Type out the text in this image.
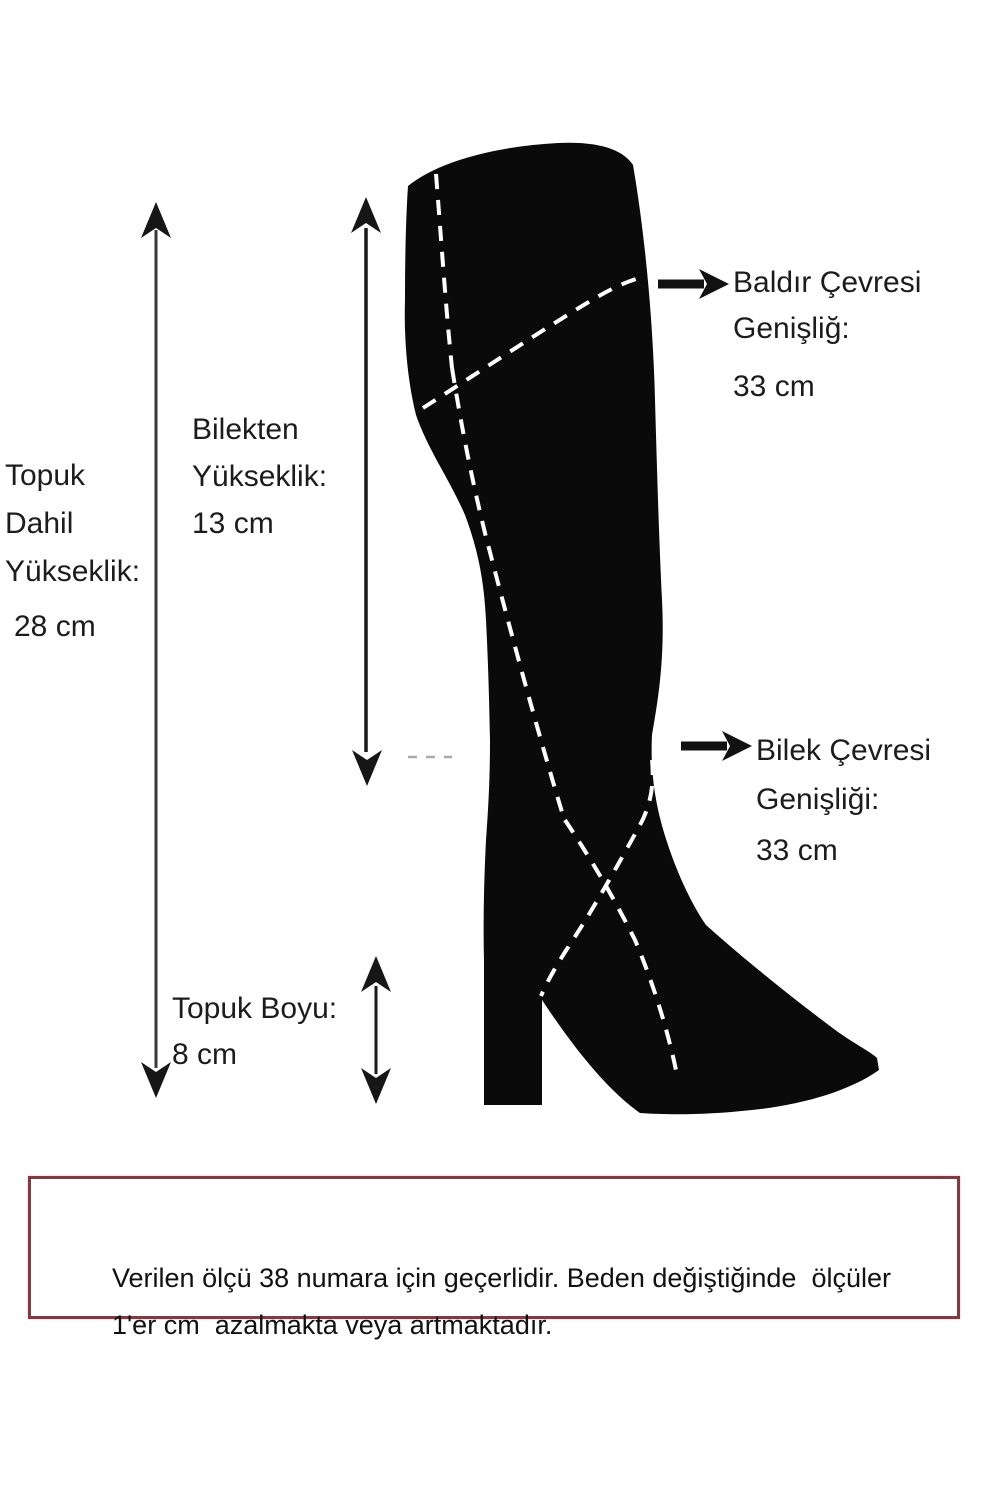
Topuk
Dahil
Yükseklik:
28 cm
Bilekten
Yükseklik:
13 cm
Baldır Çevresi
Genişliğ:
33 cm
Bilek Çevresi
Genişliği:
33 cm
Topuk Boyu:
8 cm

Verilen ölçü 38 numara için geçerlidir. Beden değiştiğinde  ölçüler
1'er cm  azalmakta veya artmaktadır.
